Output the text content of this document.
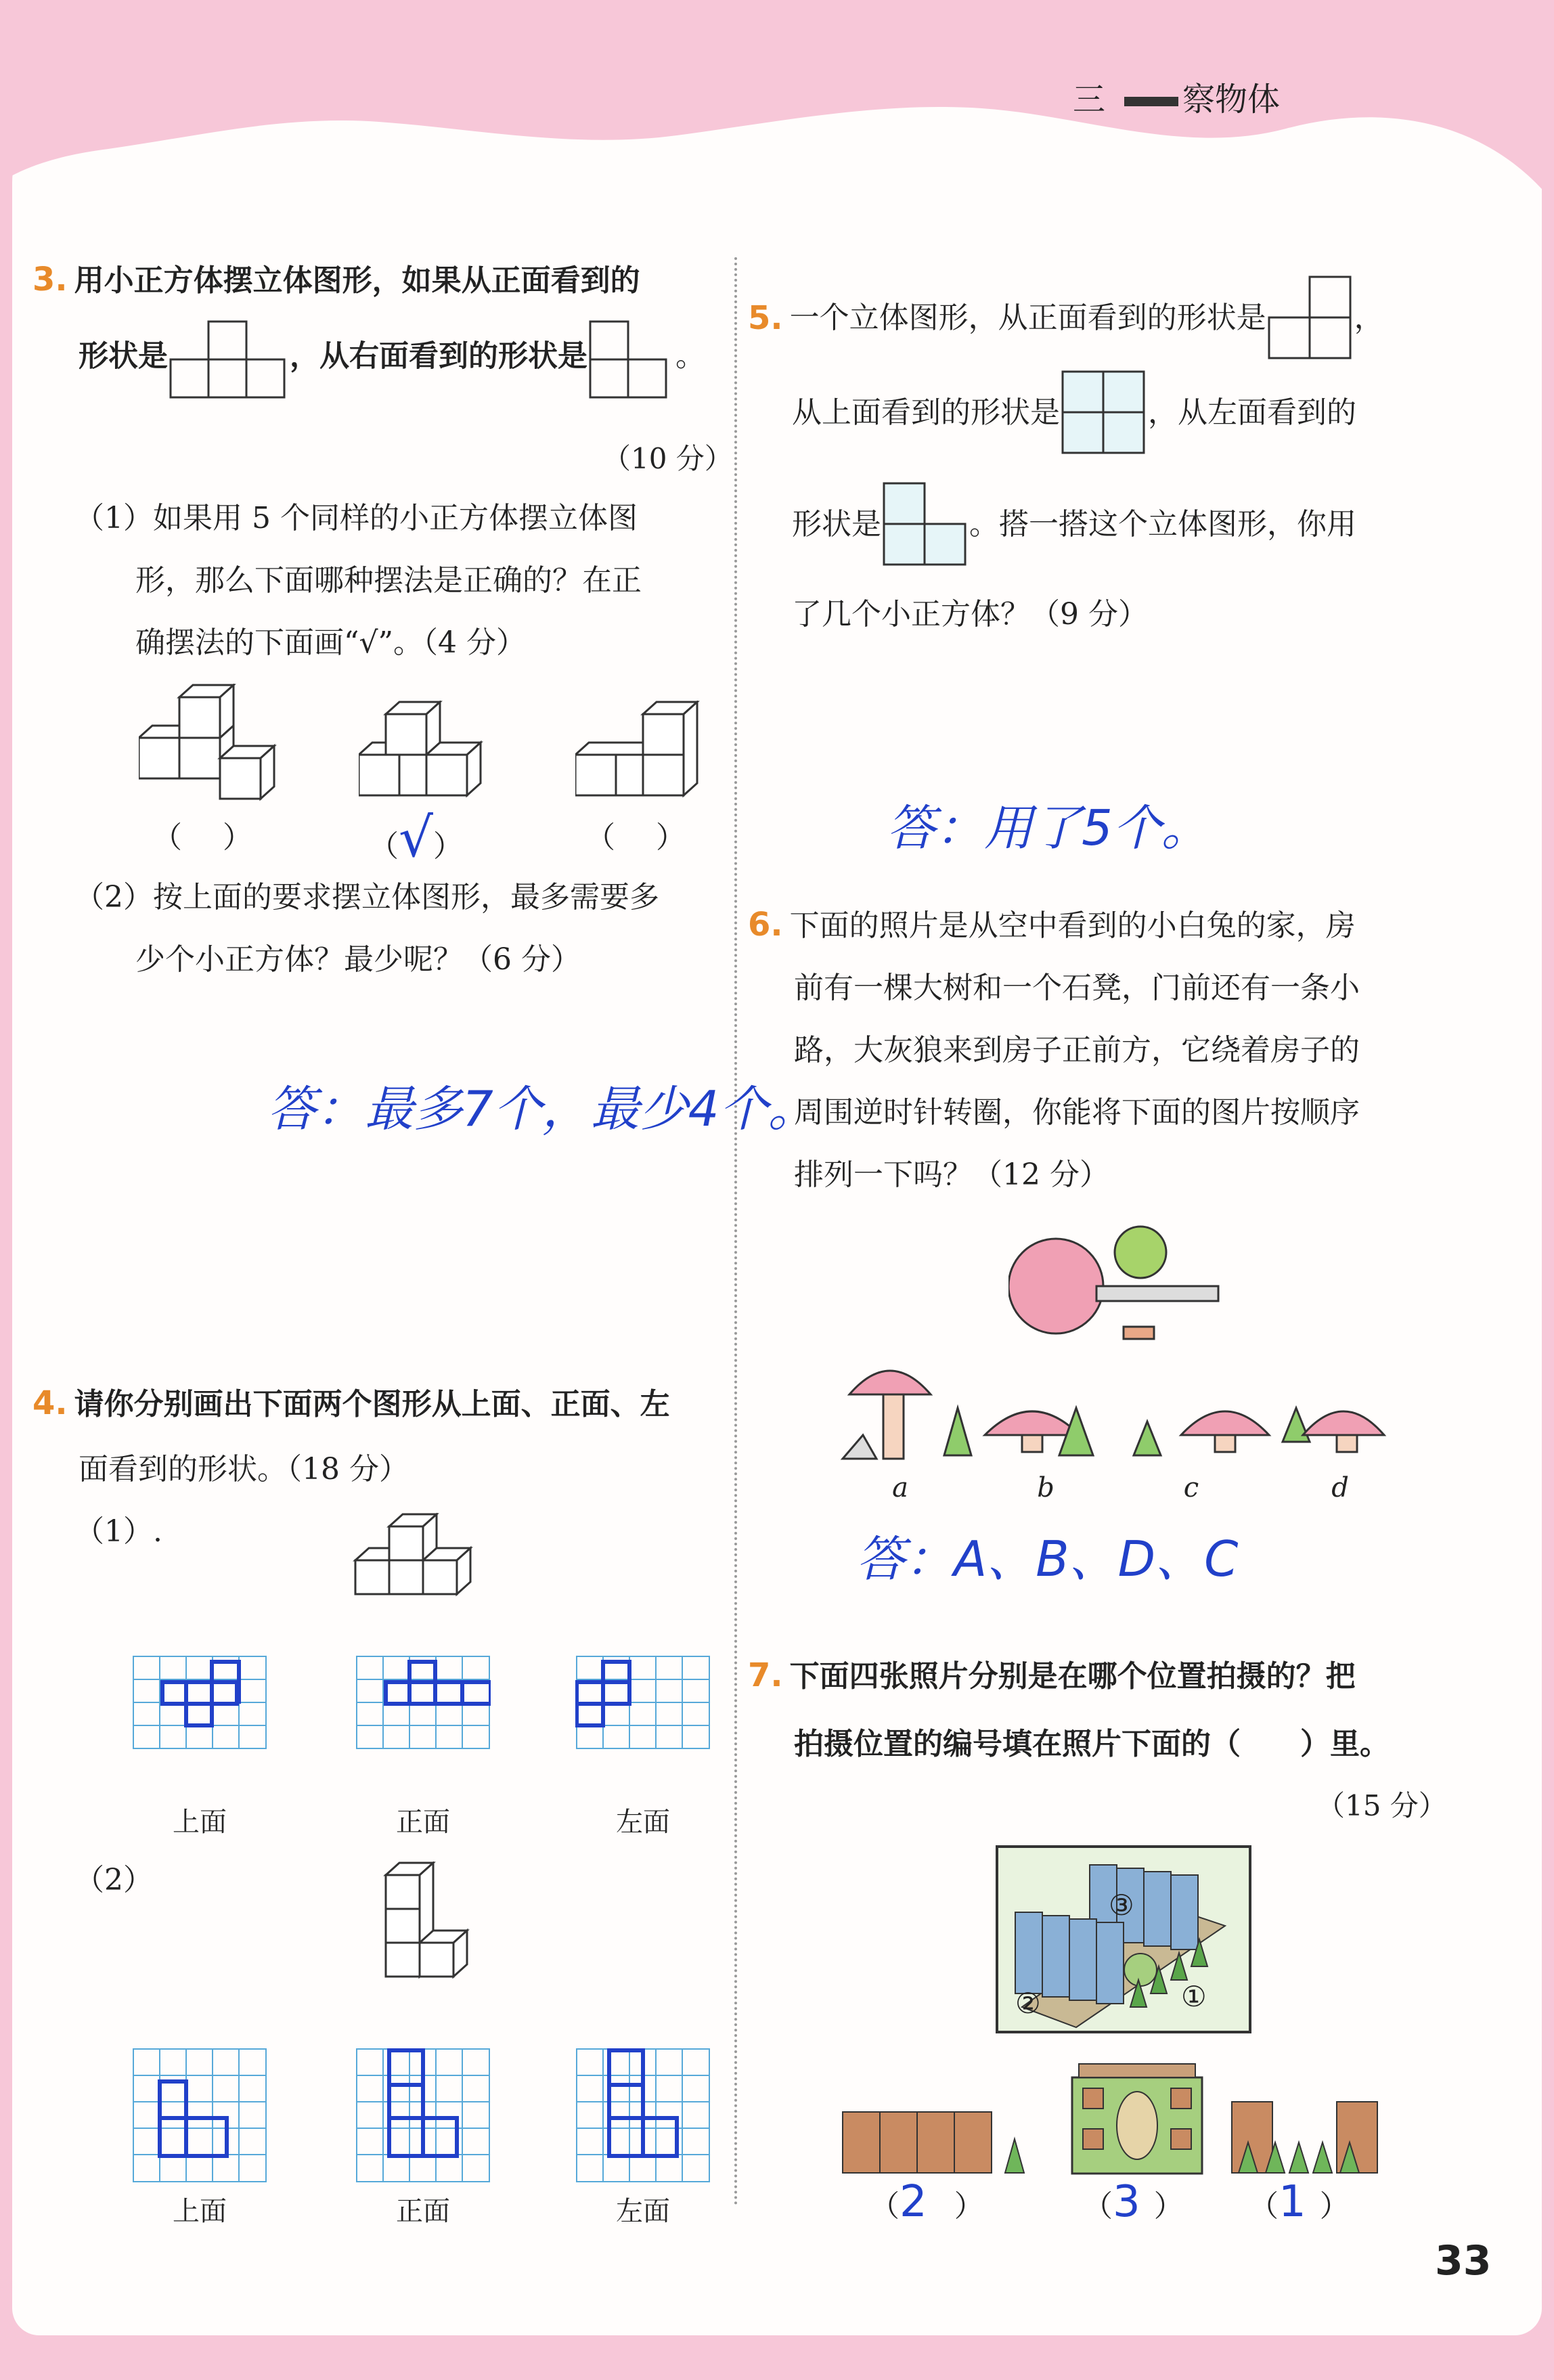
三 察物体
3. 用小正方体摆立体图形，如果从正面看到的
形状是	，从右面看到的形状是	。
（10 分）
（1）如果用 5 个同样的小正方体摆立体图
形，那么下面哪种摆法是正确的？在正
确摆法的下面画“√”。（4 分）
（ ）	（√）	（ ）
（2）按上面的要求摆立体图形，最多需要多
少个小正方体？最少呢？（6 分）
答：最多7个，最少4个。
4. 请你分别画出下面两个图形从上面、正面、左
面看到的形状。（18 分）
（1）.
上面	正面	左面
（2）
上面	正面	左面
5. 一个立体图形，从正面看到的形状是	，
从上面看到的形状是	，从左面看到的
形状是	。搭一搭这个立体图形，你用
了几个小正方体？（9 分）
答：用了5个。
6. 下面的照片是从空中看到的小白兔的家，房
前有一棵大树和一个石凳，门前还有一条小
路，大灰狼来到房子正前方，它绕着房子的
周围逆时针转圈，你能将下面的图片按顺序
排列一下吗？（12 分）
a	b	c	d
答：A、B、D、C
7. 下面四张照片分别是在哪个位置拍摄的？把
拍摄位置的编号填在照片下面的（　　）里。
（15 分）
③
②	①
（2 ）	（3 ） （1 ）
33
